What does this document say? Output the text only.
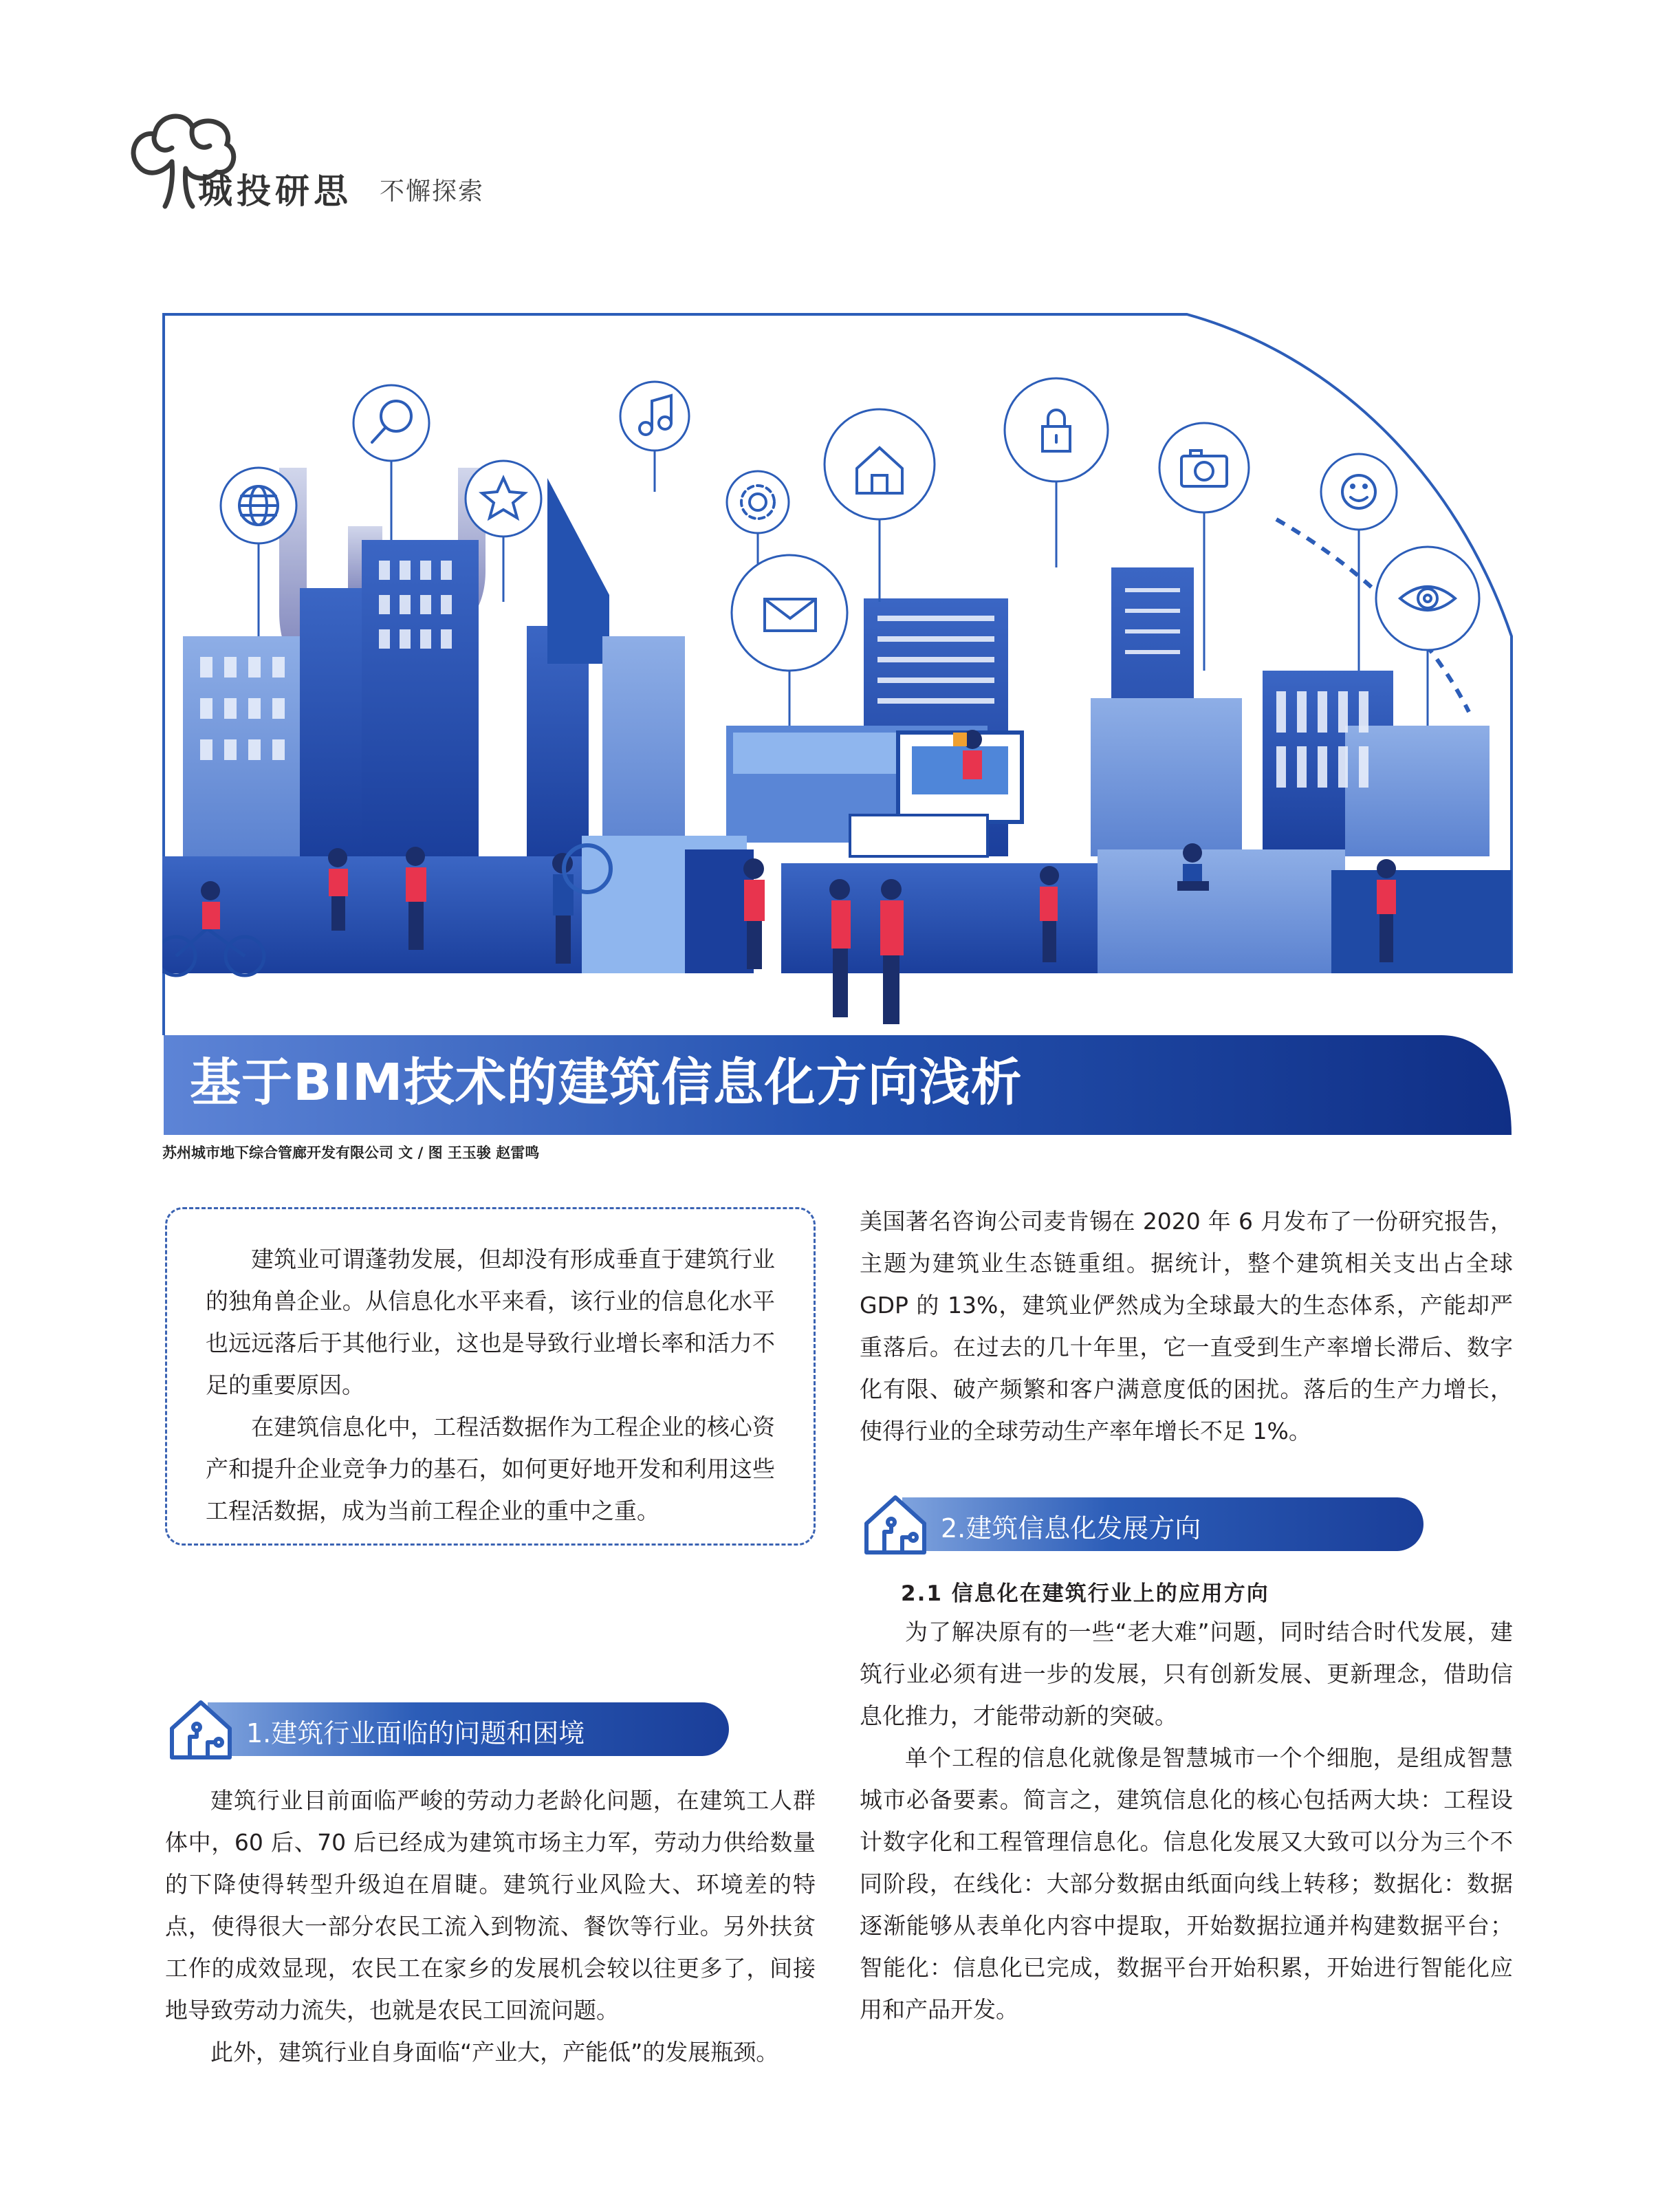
城投研思 不懈探索
基于BIM技术的建筑信息化方向浅析
苏州城市地下综合管廊开发有限公司 文 / 图 王玉骏 赵雷鸣

建筑业可谓蓬勃发展，但却没有形成垂直于建筑行业的独角兽企业。从信息化水平来看，该行业的信息化水平也远远落后于其他行业，这也是导致行业增长率和活力不足的重要原因。

在建筑信息化中，工程活数据作为工程企业的核心资产和提升企业竞争力的基石，如何更好地开发和利用这些工程活数据，成为当前工程企业的重中之重。

1.建筑行业面临的问题和困境

建筑行业目前面临严峻的劳动力老龄化问题，在建筑工人群体中，60 后、70 后已经成为建筑市场主力军，劳动力供给数量的下降使得转型升级迫在眉睫。建筑行业风险大、环境差的特点，使得很大一部分农民工流入到物流、餐饮等行业。另外扶贫工作的成效显现，农民工在家乡的发展机会较以往更多了，间接地导致劳动力流失，也就是农民工回流问题。

此外，建筑行业自身面临“产业大，产能低”的发展瓶颈。

美国著名咨询公司麦肯锡在 2020 年 6 月发布了一份研究报告，主题为建筑业生态链重组。据统计，整个建筑相关支出占全球 GDP 的 13%，建筑业俨然成为全球最大的生态体系，产能却严重落后。在过去的几十年里，它一直受到生产率增长滞后、数字化有限、破产频繁和客户满意度低的困扰。落后的生产力增长，使得行业的全球劳动生产率年增长不足 1%。

2.建筑信息化发展方向
2.1 信息化在建筑行业上的应用方向

为了解决原有的一些“老大难”问题，同时结合时代发展，建筑行业必须有进一步的发展，只有创新发展、更新理念，借助信息化推力，才能带动新的突破。

单个工程的信息化就像是智慧城市一个个细胞，是组成智慧城市必备要素。简言之，建筑信息化的核心包括两大块：工程设计数字化和工程管理信息化。信息化发展又大致可以分为三个不同阶段，在线化：大部分数据由纸面向线上转移；数据化：数据逐渐能够从表单化内容中提取，开始数据拉通并构建数据平台；智能化：信息化已完成，数据平台开始积累，开始进行智能化应用和产品开发。
